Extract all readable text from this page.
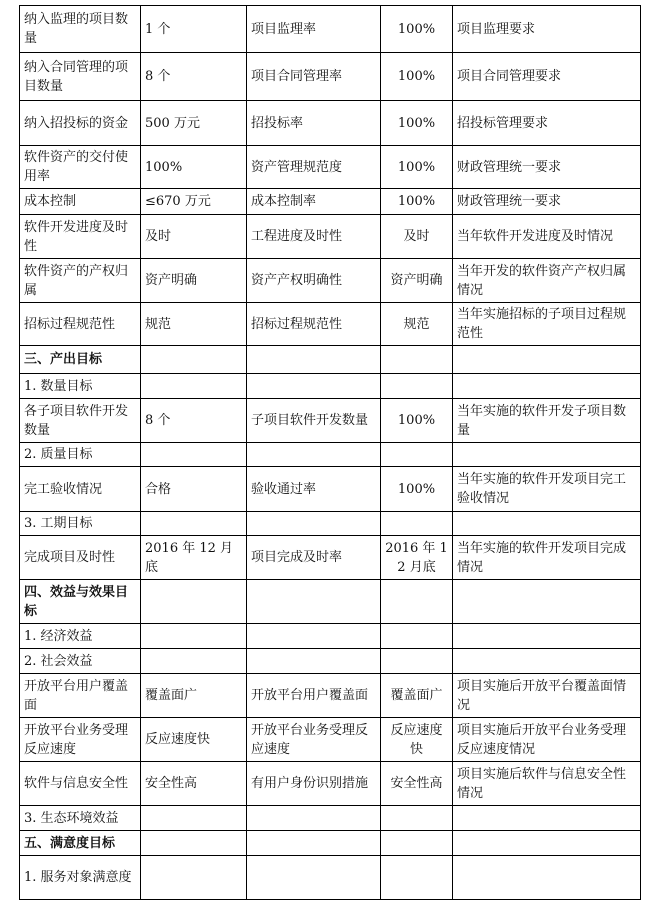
纳入监理的项目数量	1 个	项目监理率	100%	项目监理要求
纳入合同管理的项目数量	8 个	项目合同管理率	100%	项目合同管理要求
纳入招投标的资金	500 万元	招投标率	100%	招投标管理要求
软件资产的交付使用率	100%	资产管理规范度	100%	财政管理统一要求
成本控制	≤670 万元	成本控制率	100%	财政管理统一要求
软件开发进度及时性	及时	工程进度及时性	及时	当年软件开发进度及时情况
软件资产的产权归属	资产明确	资产产权明确性	资产明确	当年开发的软件资产产权归属情况
招标过程规范性	规范	招标过程规范性	规范	当年实施招标的子项目过程规范性
三、产出目标				
1. 数量目标				
各子项目软件开发数量	8 个	子项目软件开发数量	100%	当年实施的软件开发子项目数量
2. 质量目标				
完工验收情况	合格	验收通过率	100%	当年实施的软件开发项目完工验收情况
3. 工期目标				
完成项目及时性	2016 年 12 月底	项目完成及时率	2016 年 12 月底	当年实施的软件开发项目完成情况
四、效益与效果目标				
1. 经济效益				
2. 社会效益				
开放平台用户覆盖面	覆盖面广	开放平台用户覆盖面	覆盖面广	项目实施后开放平台覆盖面情况
开放平台业务受理反应速度	反应速度快	开放平台业务受理反应速度	反应速度快	项目实施后开放平台业务受理反应速度情况
软件与信息安全性	安全性高	有用户身份识别措施	安全性高	项目实施后软件与信息安全性情况
3. 生态环境效益				
五、满意度目标				
1. 服务对象满意度				
